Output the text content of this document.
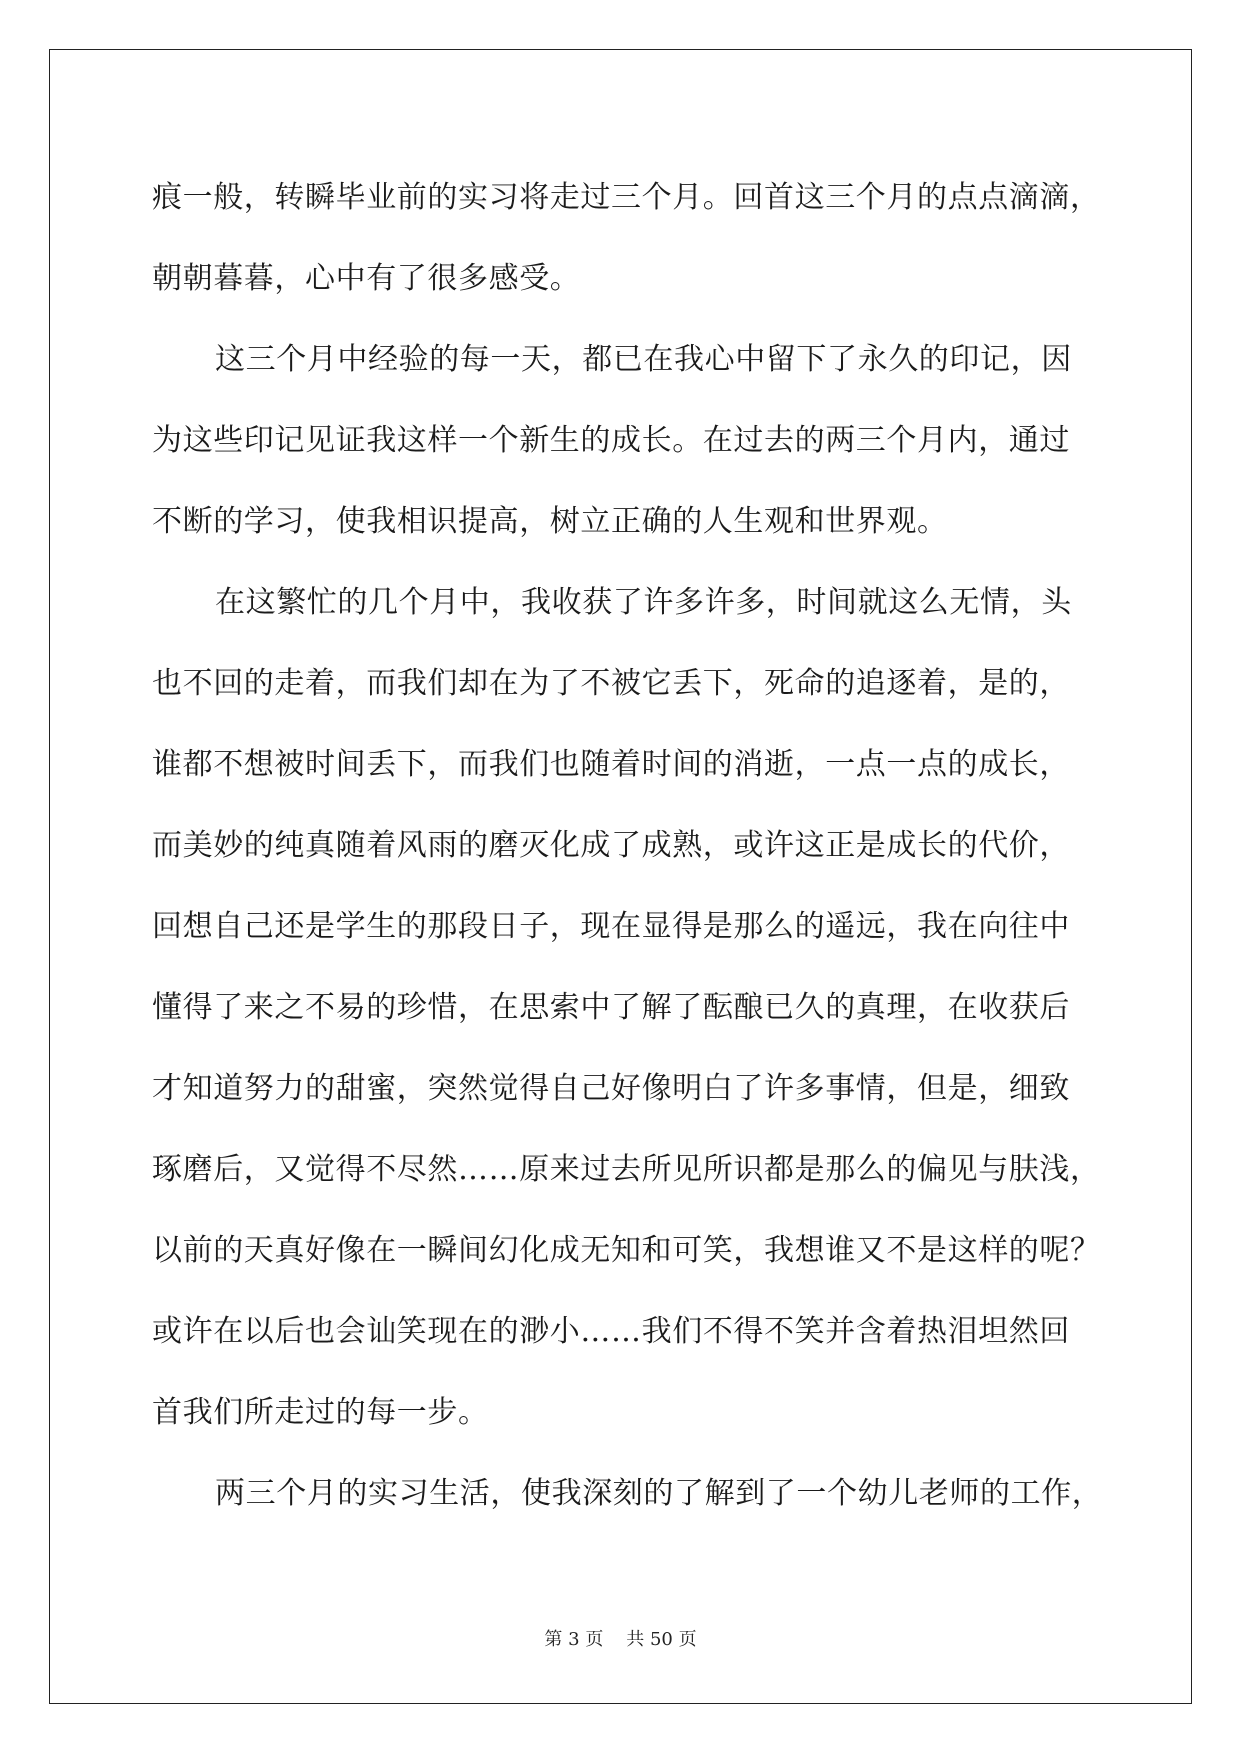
痕一般，转瞬毕业前的实习将走过三个月。回首这三个月的点点滴滴，
朝朝暮暮，心中有了很多感受。
这三个月中经验的每一天，都已在我心中留下了永久的印记，因
为这些印记见证我这样一个新生的成长。在过去的两三个月内，通过
不断的学习，使我相识提高，树立正确的人生观和世界观。
在这繁忙的几个月中，我收获了许多许多，时间就这么无情，头
也不回的走着，而我们却在为了不被它丢下，死命的追逐着，是的，
谁都不想被时间丢下，而我们也随着时间的消逝，一点一点的成长，
而美妙的纯真随着风雨的磨灭化成了成熟，或许这正是成长的代价，
回想自己还是学生的那段日子，现在显得是那么的遥远，我在向往中
懂得了来之不易的珍惜，在思索中了解了酝酿已久的真理，在收获后
才知道努力的甜蜜，突然觉得自己好像明白了许多事情，但是，细致
琢磨后，又觉得不尽然……原来过去所见所识都是那么的偏见与肤浅，
以前的天真好像在一瞬间幻化成无知和可笑，我想谁又不是这样的呢？
或许在以后也会讪笑现在的渺小……我们不得不笑并含着热泪坦然回
首我们所走过的每一步。
两三个月的实习生活，使我深刻的了解到了一个幼儿老师的工作，
第 3 页 共 50 页
